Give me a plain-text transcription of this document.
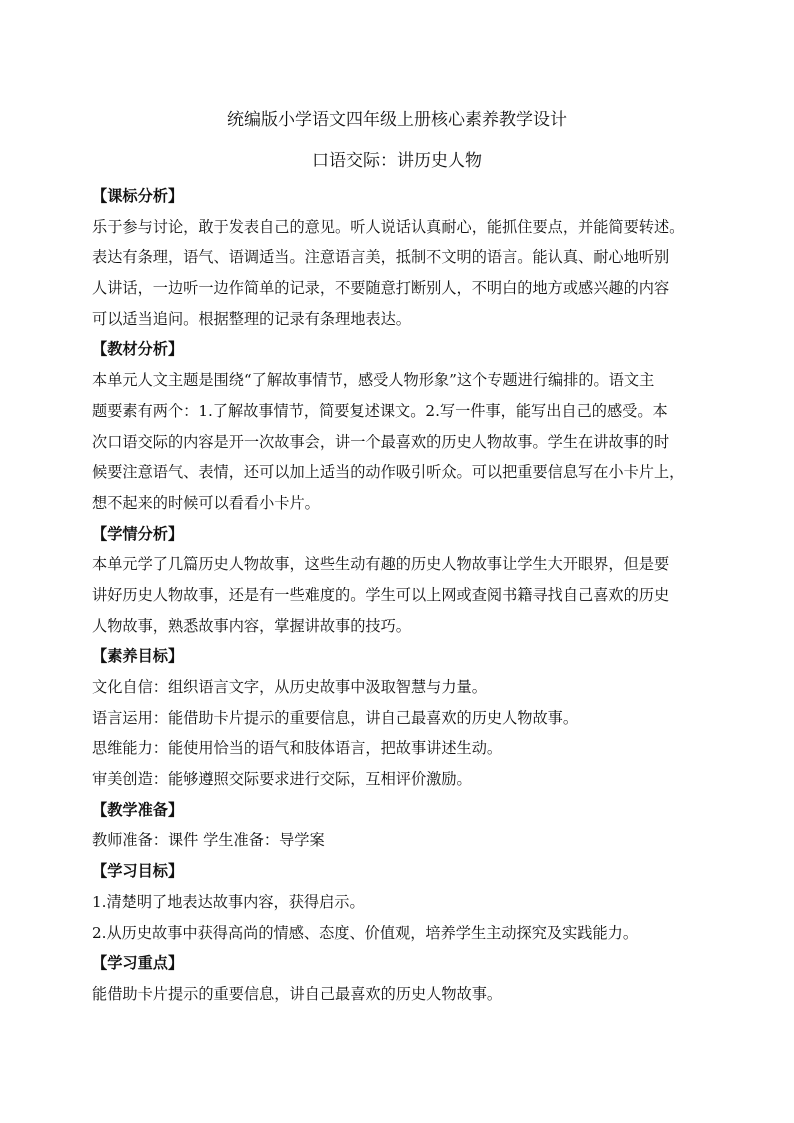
统编版小学语文四年级上册核心素养教学设计
口语交际：讲历史人物
【课标分析】
乐于参与讨论，敢于发表自己的意见。听人说话认真耐心，能抓住要点，并能简要转述。
表达有条理，语气、语调适当。注意语言美，抵制不文明的语言。能认真、耐心地听别
人讲话，一边听一边作简单的记录，不要随意打断别人，不明白的地方或感兴趣的内容
可以适当追问。根据整理的记录有条理地表达。
【教材分析】
本单元人文主题是围绕“了解故事情节，感受人物形象”这个专题进行编排的。语文主
题要素有两个：1.了解故事情节，简要复述课文。2.写一件事，能写出自己的感受。本
次口语交际的内容是开一次故事会，讲一个最喜欢的历史人物故事。学生在讲故事的时
候要注意语气、表情，还可以加上适当的动作吸引听众。可以把重要信息写在小卡片上，
想不起来的时候可以看看小卡片。
【学情分析】
本单元学了几篇历史人物故事，这些生动有趣的历史人物故事让学生大开眼界，但是要
讲好历史人物故事，还是有一些难度的。学生可以上网或查阅书籍寻找自己喜欢的历史
人物故事，熟悉故事内容，掌握讲故事的技巧。
【素养目标】
文化自信：组织语言文字，从历史故事中汲取智慧与力量。
语言运用：能借助卡片提示的重要信息，讲自己最喜欢的历史人物故事。
思维能力：能使用恰当的语气和肢体语言，把故事讲述生动。
审美创造：能够遵照交际要求进行交际，互相评价激励。
【教学准备】
教师准备：课件 学生准备：导学案
【学习目标】
1.清楚明了地表达故事内容，获得启示。
2.从历史故事中获得高尚的情感、态度、价值观，培养学生主动探究及实践能力。
【学习重点】
能借助卡片提示的重要信息，讲自己最喜欢的历史人物故事。
